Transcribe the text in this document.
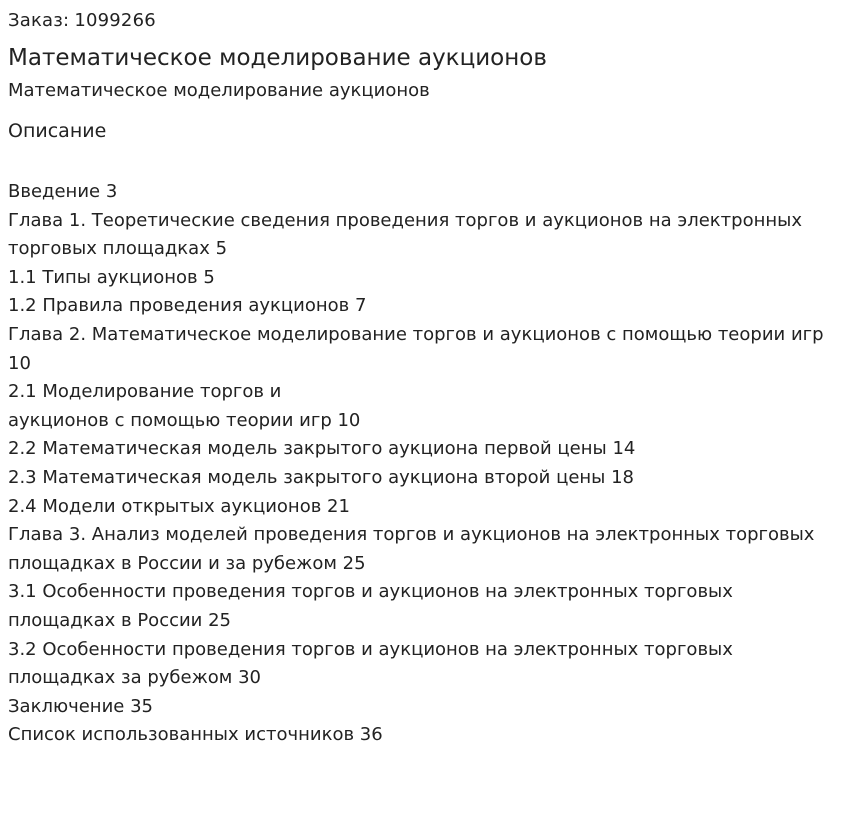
Заказ: 1099266

Математическое моделирование аукционов

Математическое моделирование аукционов

Описание

Введение 3
Глава 1. Теоретические сведения проведения торгов и аукционов на электронных торговых площадках 5
1.1 Типы аукционов 5
1.2 Правила проведения аукционов 7
Глава 2. Математическое моделирование торгов и аукционов с помощью теории игр 10
2.1 Моделирование торгов и
аукционов с помощью теории игр 10
2.2 Математическая модель закрытого аукциона первой цены 14
2.3 Математическая модель закрытого аукциона второй цены 18
2.4 Модели открытых аукционов 21
Глава 3. Анализ моделей проведения торгов и аукционов на электронных торговых площадках в России и за рубежом 25
3.1 Особенности проведения торгов и аукционов на электронных торговых площадках в России 25
3.2 Особенности проведения торгов и аукционов на электронных торговых площадках за рубежом 30
Заключение 35
Список использованных источников 36
